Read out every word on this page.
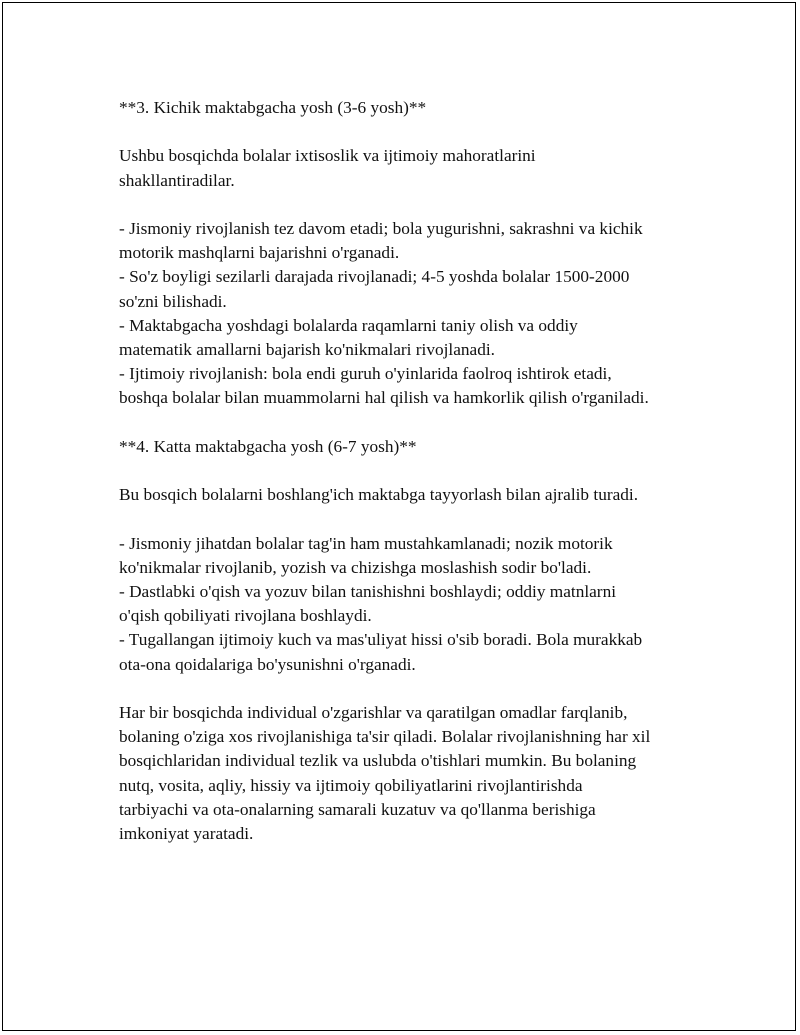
**3. Kichik maktabgacha yosh (3-6 yosh)**

Ushbu bosqichda bolalar ixtisoslik va ijtimoiy mahoratlarini

shakllantiradilar.

- Jismoniy rivojlanish tez davom etadi; bola yugurishni, sakrashni va kichik

motorik mashqlarni bajarishni o'rganadi.

- So'z boyligi sezilarli darajada rivojlanadi; 4-5 yoshda bolalar 1500-2000

so'zni bilishadi.

- Maktabgacha yoshdagi bolalarda raqamlarni taniy olish va oddiy

matematik amallarni bajarish ko'nikmalari rivojlanadi.

- Ijtimoiy rivojlanish: bola endi guruh o'yinlarida faolroq ishtirok etadi,

boshqa bolalar bilan muammolarni hal qilish va hamkorlik qilish o'rganiladi.

**4. Katta maktabgacha yosh (6-7 yosh)**

Bu bosqich bolalarni boshlang'ich maktabga tayyorlash bilan ajralib turadi.

- Jismoniy jihatdan bolalar tag'in ham mustahkamlanadi; nozik motorik

ko'nikmalar rivojlanib, yozish va chizishga moslashish sodir bo'ladi.

- Dastlabki o'qish va yozuv bilan tanishishni boshlaydi; oddiy matnlarni

o'qish qobiliyati rivojlana boshlaydi.

- Tugallangan ijtimoiy kuch va mas'uliyat hissi o'sib boradi. Bola murakkab

ota-ona qoidalariga bo'ysunishni o'rganadi.

Har bir bosqichda individual o'zgarishlar va qaratilgan omadlar farqlanib,

bolaning o'ziga xos rivojlanishiga ta'sir qiladi. Bolalar rivojlanishning har xil

bosqichlaridan individual tezlik va uslubda o'tishlari mumkin. Bu bolaning

nutq, vosita, aqliy, hissiy va ijtimoiy qobiliyatlarini rivojlantirishda

tarbiyachi va ota-onalarning samarali kuzatuv va qo'llanma berishiga

imkoniyat yaratadi.
